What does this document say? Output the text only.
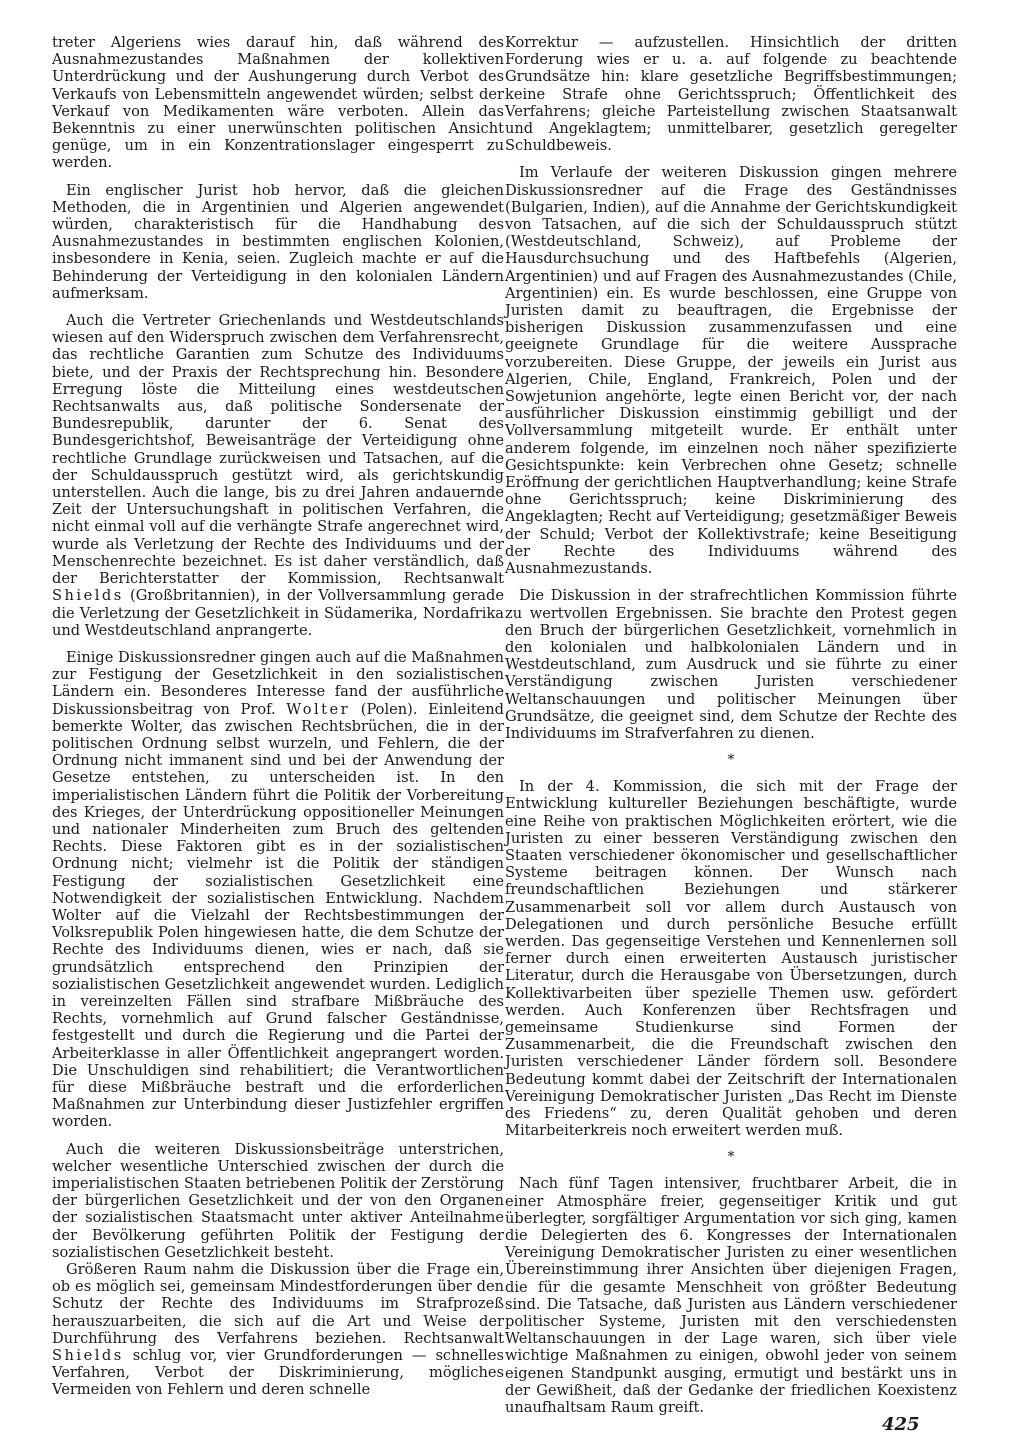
treter Algeriens wies darauf hin, daß während des Ausnahmezustandes Maßnahmen der kollektiven Unterdrückung und der Aushungerung durch Verbot des Verkaufs von Lebensmitteln angewendet würden; selbst der Verkauf von Medikamenten wäre verboten. Allein das Bekenntnis zu einer unerwünschten politischen Ansicht genüge, um in ein Konzentrationslager eingesperrt zu werden.

Ein englischer Jurist hob hervor, daß die gleichen Methoden, die in Argentinien und Algerien angewendet würden, charakteristisch für die Handhabung des Ausnahmezustandes in bestimmten englischen Kolonien, insbesondere in Kenia, seien. Zugleich machte er auf die Behinderung der Verteidigung in den kolonialen Ländern aufmerksam.

Auch die Vertreter Griechenlands und Westdeutschlands wiesen auf den Widerspruch zwischen dem Verfahrensrecht, das rechtliche Garantien zum Schutze des Individuums biete, und der Praxis der Rechtsprechung hin. Besondere Erregung löste die Mitteilung eines westdeutschen Rechtsanwalts aus, daß politische Sondersenate der Bundesrepublik, darunter der 6. Senat des Bundesgerichtshof, Beweisanträge der Verteidigung ohne rechtliche Grundlage zurückweisen und Tatsachen, auf die der Schuldausspruch gestützt wird, als gerichtskundig unterstellen. Auch die lange, bis zu drei Jahren andauernde Zeit der Untersuchungshaft in politischen Verfahren, die nicht einmal voll auf die verhängte Strafe angerechnet wird, wurde als Verletzung der Rechte des Individuums und der Menschenrechte bezeichnet. Es ist daher verständlich, daß der Berichterstatter der Kommission, Rechtsanwalt Shields (Großbritannien), in der Vollversammlung gerade die Verletzung der Gesetzlichkeit in Südamerika, Nordafrika und Westdeutschland anprangerte.

Einige Diskussionsredner gingen auch auf die Maßnahmen zur Festigung der Gesetzlichkeit in den sozialistischen Ländern ein. Besonderes Interesse fand der ausführliche Diskussionsbeitrag von Prof. Wolter (Polen). Einleitend bemerkte Wolter, das zwischen Rechtsbrüchen, die in der politischen Ordnung selbst wurzeln, und Fehlern, die der Ordnung nicht immanent sind und bei der Anwendung der Gesetze entstehen, zu unterscheiden ist. In den imperialistischen Ländern führt die Politik der Vorbereitung des Krieges, der Unterdrückung oppositioneller Meinungen und nationaler Minderheiten zum Bruch des geltenden Rechts. Diese Faktoren gibt es in der sozialistischen Ordnung nicht; vielmehr ist die Politik der ständigen Festigung der sozialistischen Gesetzlichkeit eine Notwendigkeit der sozialistischen Entwicklung. Nachdem Wolter auf die Vielzahl der Rechtsbestimmungen der Volksrepublik Polen hingewiesen hatte, die dem Schutze der Rechte des Individuums dienen, wies er nach, daß sie grundsätzlich entsprechend den Prinzipien der sozialistischen Gesetzlichkeit angewendet wurden. Lediglich in vereinzelten Fällen sind strafbare Mißbräuche des Rechts, vornehmlich auf Grund falscher Geständnisse, festgestellt und durch die Regierung und die Partei der Arbeiterklasse in aller Öffentlichkeit angeprangert worden. Die Unschuldigen sind rehabilitiert; die Verantwortlichen für diese Mißbräuche bestraft und die erforderlichen Maßnahmen zur Unterbindung dieser Justizfehler ergriffen worden.

Auch die weiteren Diskussionsbeiträge unterstrichen, welcher wesentliche Unterschied zwischen der durch die imperialistischen Staaten betriebenen Politik der Zerstörung der bürgerlichen Gesetzlichkeit und der von den Organen der sozialistischen Staatsmacht unter aktiver Anteilnahme der Bevölkerung geführten Politik der Festigung der sozialistischen Gesetzlichkeit besteht.

Größeren Raum nahm die Diskussion über die Frage ein, ob es möglich sei, gemeinsam Mindestforderungen über den Schutz der Rechte des Individuums im Strafprozeß herauszuarbeiten, die sich auf die Art und Weise der Durchführung des Verfahrens beziehen. Rechtsanwalt Shields schlug vor, vier Grundforderungen — schnelles Verfahren, Verbot der Diskriminierung, mögliches Vermeiden von Fehlern und deren schnelle

Korrektur — aufzustellen. Hinsichtlich der dritten Forderung wies er u. a. auf folgende zu beachtende Grundsätze hin: klare gesetzliche Begriffsbestimmungen; keine Strafe ohne Gerichtsspruch; Öffentlichkeit des Verfahrens; gleiche Parteistellung zwischen Staatsanwalt und Angeklagtem; unmittelbarer, gesetzlich geregelter Schuldbeweis.

Im Verlaufe der weiteren Diskussion gingen mehrere Diskussionsredner auf die Frage des Geständnisses (Bulgarien, Indien), auf die Annahme der Gerichtskundigkeit von Tatsachen, auf die sich der Schuldausspruch stützt (Westdeutschland, Schweiz), auf Probleme der Hausdurchsuchung und des Haftbefehls (Algerien, Argentinien) und auf Fragen des Ausnahmezustandes (Chile, Argentinien) ein. Es wurde beschlossen, eine Gruppe von Juristen damit zu beauftragen, die Ergebnisse der bisherigen Diskussion zusammenzufassen und eine geeignete Grundlage für die weitere Aussprache vorzubereiten. Diese Gruppe, der jeweils ein Jurist aus Algerien, Chile, England, Frankreich, Polen und der Sowjetunion angehörte, legte einen Bericht vor, der nach ausführlicher Diskussion einstimmig gebilligt und der Vollversammlung mitgeteilt wurde. Er enthält unter anderem folgende, im einzelnen noch näher spezifizierte Gesichtspunkte: kein Verbrechen ohne Gesetz; schnelle Eröffnung der gerichtlichen Hauptverhandlung; keine Strafe ohne Gerichtsspruch; keine Diskriminierung des Angeklagten; Recht auf Verteidigung; gesetzmäßiger Beweis der Schuld; Verbot der Kollektivstrafe; keine Beseitigung der Rechte des Individuums während des Ausnahmezustands.

Die Diskussion in der strafrechtlichen Kommission führte zu wertvollen Ergebnissen. Sie brachte den Protest gegen den Bruch der bürgerlichen Gesetzlichkeit, vornehmlich in den kolonialen und halbkolonialen Ländern und in Westdeutschland, zum Ausdruck und sie führte zu einer Verständigung zwischen Juristen verschiedener Weltanschauungen und politischer Meinungen über Grundsätze, die geeignet sind, dem Schutze der Rechte des Individuums im Strafverfahren zu dienen.

*

In der 4. Kommission, die sich mit der Frage der Entwicklung kultureller Beziehungen beschäftigte, wurde eine Reihe von praktischen Möglichkeiten erörtert, wie die Juristen zu einer besseren Verständigung zwischen den Staaten verschiedener ökonomischer und gesellschaftlicher Systeme beitragen können. Der Wunsch nach freundschaftlichen Beziehungen und stärkerer Zusammenarbeit soll vor allem durch Austausch von Delegationen und durch persönliche Besuche erfüllt werden. Das gegenseitige Verstehen und Kennenlernen soll ferner durch einen erweiterten Austausch juristischer Literatur, durch die Herausgabe von Übersetzungen, durch Kollektivarbeiten über spezielle Themen usw. gefördert werden. Auch Konferenzen über Rechtsfragen und gemeinsame Studienkurse sind Formen der Zusammenarbeit, die die Freundschaft zwischen den Juristen verschiedener Länder fördern soll. Besondere Bedeutung kommt dabei der Zeitschrift der Internationalen Vereinigung Demokratischer Juristen „Das Recht im Dienste des Friedens“ zu, deren Qualität gehoben und deren Mitarbeiterkreis noch erweitert werden muß.

*

Nach fünf Tagen intensiver, fruchtbarer Arbeit, die in einer Atmosphäre freier, gegenseitiger Kritik und gut überlegter, sorgfältiger Argumentation vor sich ging, kamen die Delegierten des 6. Kongresses der Internationalen Vereinigung Demokratischer Juristen zu einer wesentlichen Übereinstimmung ihrer Ansichten über diejenigen Fragen, die für die gesamte Menschheit von größter Bedeutung sind. Die Tatsache, daß Juristen aus Ländern verschiedener politischer Systeme, Juristen mit den verschiedensten Weltanschauungen in der Lage waren, sich über viele wichtige Maßnahmen zu einigen, obwohl jeder von seinem eigenen Standpunkt ausging, ermutigt und bestärkt uns in der Gewißheit, daß der Gedanke der friedlichen Koexistenz unaufhaltsam Raum greift.

425
